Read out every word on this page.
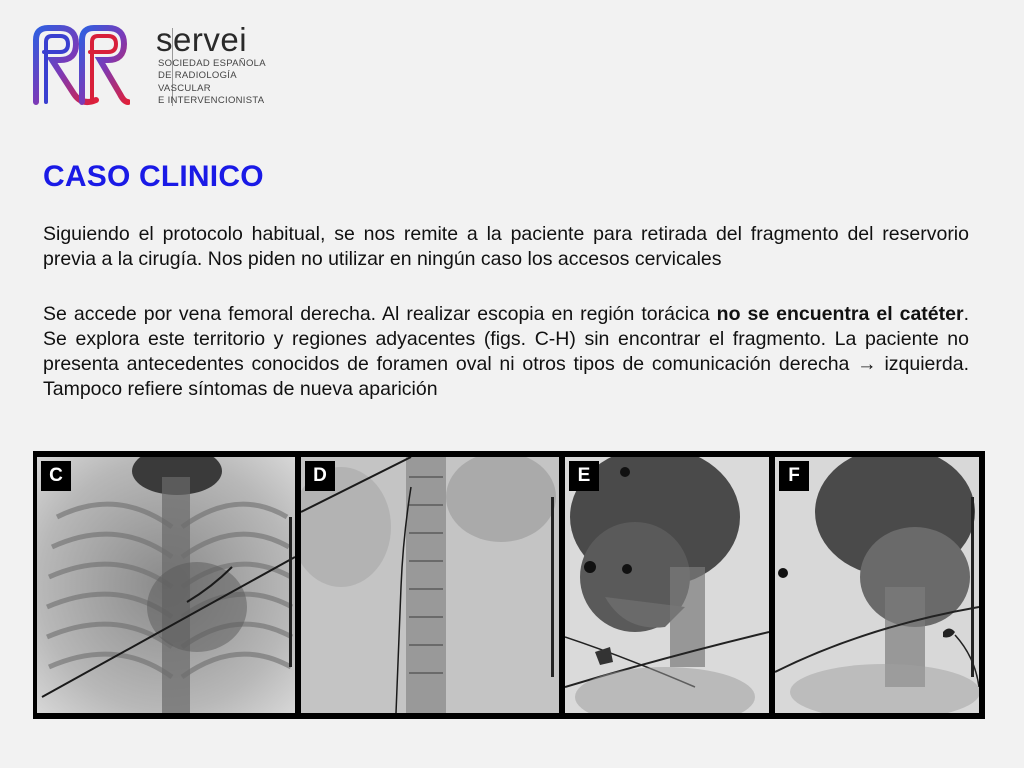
servei
SOCIEDAD ESPAÑOLA
DE RADIOLOGÍA
VASCULAR
E INTERVENCIONISTA
CASO CLINICO

Siguiendo el protocolo habitual, se nos remite a la paciente para retirada del fragmento del reservorio previa a la cirugía. Nos piden no utilizar en ningún caso los accesos cervicales

Se accede por vena femoral derecha. Al realizar escopia en región torácica no se encuentra el catéter. Se explora este territorio y regiones adyacentes (figs. C-H) sin encontrar el fragmento. La paciente no presenta antecedentes conocidos de foramen oval ni otros tipos de comunicación derecha → izquierda. Tampoco refiere síntomas de nueva aparición

C	D	E	F
